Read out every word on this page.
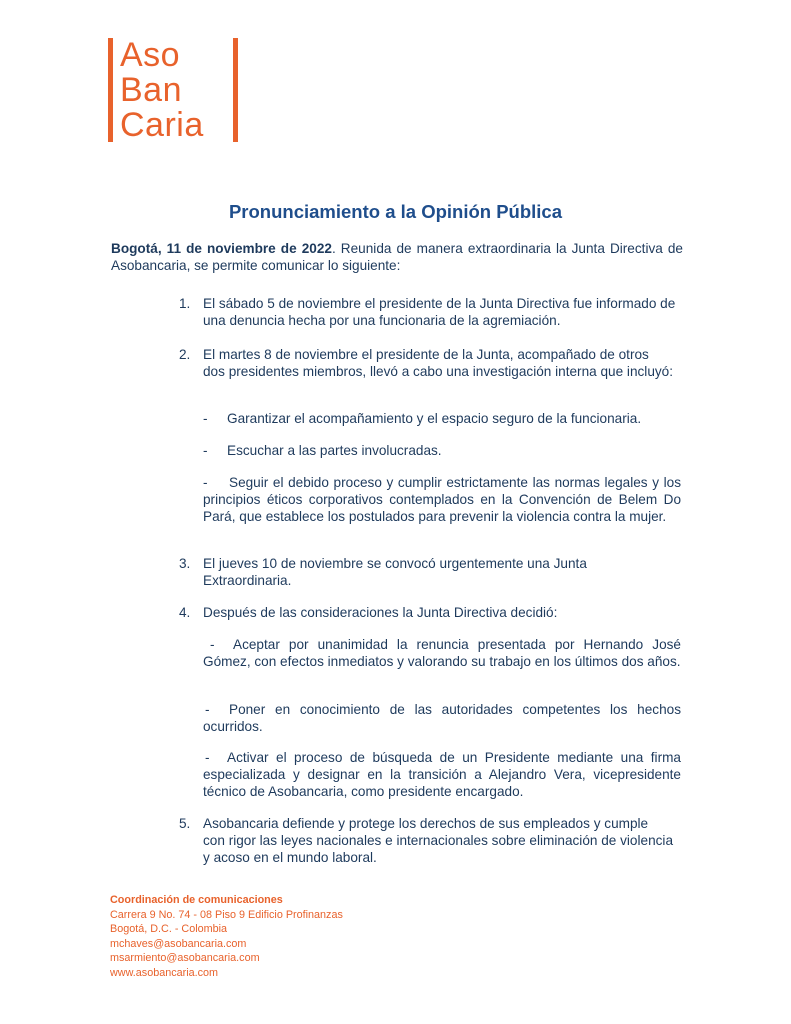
Aso
Ban
Caria
Pronunciamiento a la Opinión Pública
Bogotá, 11 de noviembre de 2022. Reunida de manera extraordinaria la Junta Directiva de Asobancaria, se permite comunicar lo siguiente:
1. El sábado 5 de noviembre el presidente de la Junta Directiva fue informado de una denuncia hecha por una funcionaria de la agremiación.
2. El martes 8 de noviembre el presidente de la Junta, acompañado de otros dos presidentes miembros, llevó a cabo una investigación interna que incluyó:
- Garantizar el acompañamiento y el espacio seguro de la funcionaria.
- Escuchar a las partes involucradas.
-	Seguir el debido proceso y cumplir estrictamente las normas legales y los principios éticos corporativos contemplados en la Convención de Belem Do Pará, que establece los postulados para prevenir la violencia contra la mujer.
3. El jueves 10 de noviembre se convocó urgentemente una Junta Extraordinaria.
4. Después de las consideraciones la Junta Directiva decidió:
-	Aceptar por unanimidad la renuncia presentada por Hernando José Gómez, con efectos inmediatos y valorando su trabajo en los últimos dos años.
-	Poner en conocimiento de las autoridades competentes los hechos ocurridos.
-	Activar el proceso de búsqueda de un Presidente mediante una firma especializada y designar en la transición a Alejandro Vera, vicepresidente técnico de Asobancaria, como presidente encargado.
5. Asobancaria defiende y protege los derechos de sus empleados y cumple con rigor las leyes nacionales e internacionales sobre eliminación de violencia y acoso en el mundo laboral.
Coordinación de comunicaciones
Carrera 9 No. 74 - 08 Piso 9 Edificio Profinanzas
Bogotá, D.C. - Colombia
mchaves@asobancaria.com
msarmiento@asobancaria.com
www.asobancaria.com
